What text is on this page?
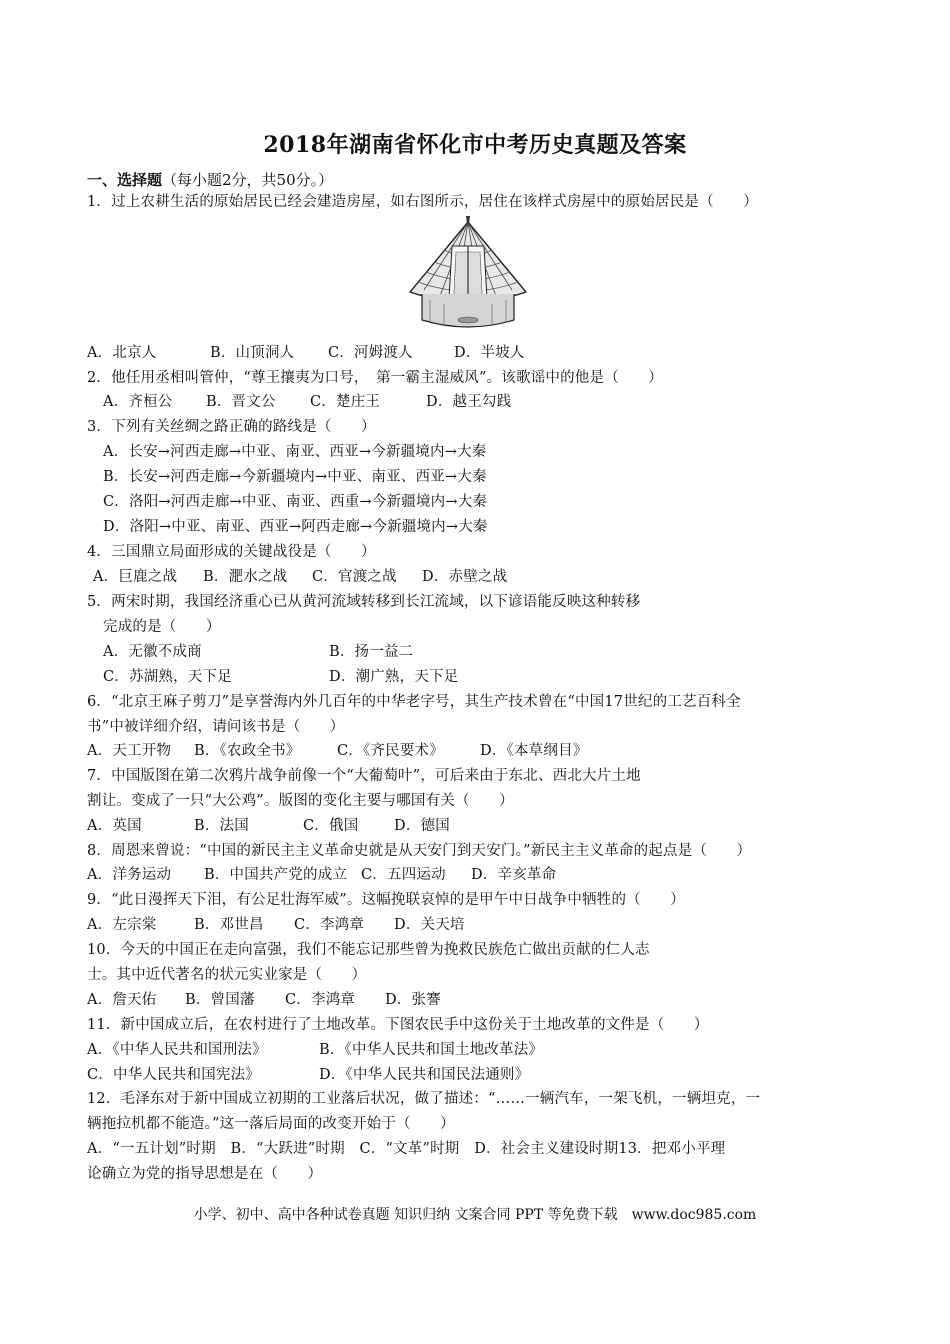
2018年湖南省怀化市中考历史真题及答案
一、选择题（每小题2分，共50分。）
1．过上农耕生活的原始居民已经会建造房屋，如右图所示，居住在该样式房屋中的原始居民是（　　）
A．北京人	B．山顶洞人 C．河姆渡人	D．半坡人
2．他任用丞相叫管仲，“尊王攘夷为口号，　第一霸主湿威风”。该歌谣中的他是（　　）
A．齐桓公 B．晋文公 C．楚庄王	D．越王勾践
3．下列有关丝绸之路正确的路线是（　　）
A．长安→河西走廊→中亚、南亚、西亚→今新疆境内→大秦
B．长安→河西走廊→今新疆境内→中亚、南亚、西亚→大秦
C．洛阳→河西走廊→中亚、南亚、西重→今新疆境内→大秦
D．洛阳→中亚、南亚、西亚→阿西走廊→今新疆境内→大秦
4．三国鼎立局面形成的关键战役是（　　）
A．巨鹿之战 B．淝水之战 C．官渡之战 D．赤壁之战
5．两宋时期，我国经济重心已从黄河流域转移到长江流域，以下谚语能反映这种转移
完成的是（　　）
A．无徽不成商	B．扬一益二
C．苏湖熟，天下足	D．潮广熟，天下足
6．“北京王麻子剪刀”是享誉海内外几百年的中华老字号，其生产技术曾在“中国17世纪的工艺百科全
书”中被详细介绍，请问该书是（　　）
A．天工开物 B．《农政全书》	C．《齐民要术》 D．《本草纲目》
7．中国版图在第二次鸦片战争前像一个“大葡萄叶”，可后来由于东北、西北大片土地
割让。变成了一只“大公鸡”。版图的变化主要与哪国有关（　　）
A．英国	B．法国	C．俄国 D．德国
8．周恩来曾说：“中国的新民主主义革命史就是从天安门到天安门。”新民主主义革命的起点是（　　）
A．洋务运动 B．中国共产党的成立 C．五四运动 D．辛亥革命
9．“此日漫挥天下泪，有公足壮海军威”。这幅挽联哀悼的是甲午中日战争中牺牲的（　　）
A．左宗棠	B．邓世昌 C．李鸿章 D．关天培
10．今天的中国正在走向富强，我们不能忘记那些曾为挽救民族危亡做出贡献的仁人志
士。其中近代著名的状元实业家是（　　）
A．詹天佑 B．曾国藩 C．李鸿章 D．张謇
11．新中国成立后，在农村进行了土地改革。下图农民手中这份关于土地改革的文件是（　　）
A．《中华人民共和国刑法》	B．《中华人民共和国土地改革法》
C．中华人民共和国宪法》	D．《中华人民共和国民法通则》
12．毛泽东对于新中国成立初期的工业落后状况，做了描述：“……一辆汽车，一架飞机，一辆坦克，一
辆拖拉机都不能造。”这一落后局面的改变开始于（　　）
A．“一五计划”时期　B．“大跃进”时期　C．“文革”时期　D．社会主义建设时期13．把邓小平理
论确立为党的指导思想是在（　　）
小学、初中、高中各种试卷真题 知识归纳 文案合同 PPT 等免费下载　www.doc985.com
